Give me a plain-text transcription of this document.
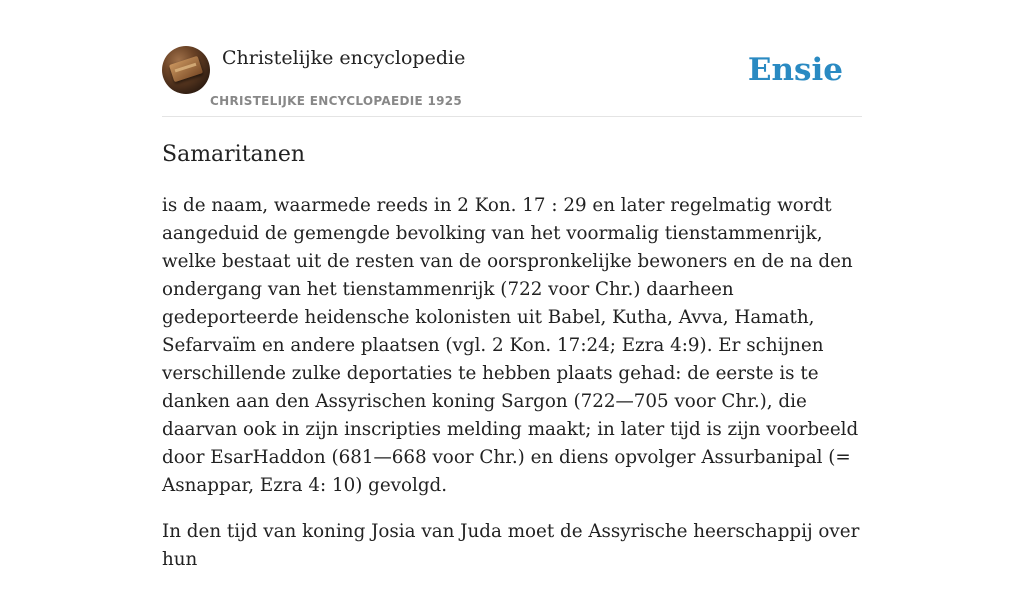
Christelijke encyclopedie
CHRISTELIJKE ENCYCLOPAEDIE 1925
Ensie
Samaritanen

is de naam, waarmede reeds in 2 Kon. 17 : 29 en later regelmatig wordt aangeduid de gemengde bevolking van het voormalig tienstammenrijk, welke bestaat uit de resten van de oorspronkelijke bewoners en de na den ondergang van het tienstammenrijk (722 voor Chr.) daarheen gedeporteerde heidensche kolonisten uit Babel, Kutha, Avva, Hamath, Sefarvaïm en andere plaatsen (vgl. 2 Kon. 17:24; Ezra 4:9). Er schijnen verschillende zulke deportaties te hebben plaats gehad: de eerste is te danken aan den Assyrischen koning Sargon (722—705 voor Chr.), die daarvan ook in zijn inscripties melding maakt; in later tijd is zijn voorbeeld door EsarHaddon (681—668 voor Chr.) en diens opvolger Assurbanipal (= Asnappar, Ezra 4: 10) gevolgd.

In den tijd van koning Josia van Juda moet de Assyrische heerschappij over hun
